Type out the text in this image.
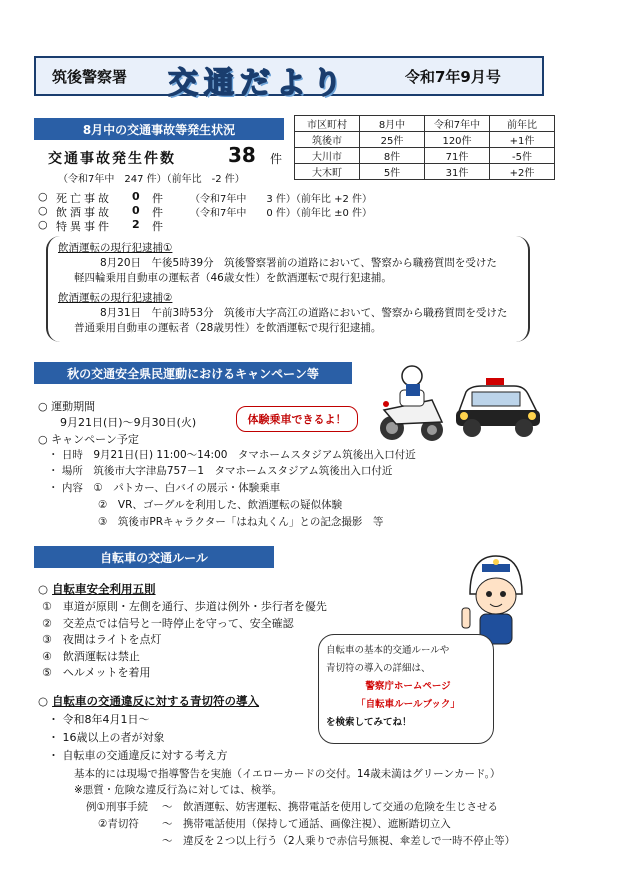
筑後警察署 交通だより	令和7年9月号
8月中の交通事故等発生状況	市区町村	8月中	令和7年中	前年比
筑後市	25件	120件	+1件
大川市	8件	71件	-5件
大木町	5件	31件	+2件
交通事故発生件数	38 件
（令和7年中　247 件）（前年比　-2 件）
○ 死亡事故	0	件	（令和7年中　　3 件）（前年比 +2 件）
○ 飲酒事故	0	件	（令和7年中　　0 件）（前年比 ±0 件）
○ 特異事件	2	件
飲酒運転の現行犯逮捕①
8月20日　午後5時39分　筑後警察署前の道路において、警察から職務質問を受けた
軽四輪乗用自動車の運転者（46歳女性）を飲酒運転で現行犯逮捕。
飲酒運転の現行犯逮捕②
8月31日　午前3時53分　筑後市大字高江の道路において、警察から職務質問を受けた
普通乗用自動車の運転者（28歳男性）を飲酒運転で現行犯逮捕。
秋の交通安全県民運動におけるキャンペーン等
○ 運動期間
9月21日(日)～9月30日(火)	体験乗車できるよ！
○ キャンペーン予定
・ 日時　9月21日(日) 11:00～14:00　タマホームスタジアム筑後出入口付近
・ 場所　筑後市大字津島757－1　タマホームスタジアム筑後出入口付近
・ 内容　①　パトカー、白バイの展示・体験乗車
②　VR、ゴーグルを利用した、飲酒運転の疑似体験
③　筑後市PRキャラクター「はね丸くん」との記念撮影　等
自転車の交通ルール
○ 自転車安全利用五則
①　 車道が原則・左側を通行、歩道は例外・歩行者を優先
②　 交差点では信号と一時停止を守って、安全確認
③　 夜間はライトを点灯
④　 飲酒運転は禁止
⑤　 ヘルメットを着用
自転車の基本的交通ルールや
青切符の導入の詳細は、
警察庁ホームページ
「自転車ルールブック」
を検索してみてね！
○ 自転車の交通違反に対する青切符の導入
・ 令和8年4月1日～
・ 16歳以上の者が対象
・ 自転車の交通違反に対する考え方
基本的には現場で指導警告を実施（イエローカードの交付。14歳未満はグリーンカード。）
※悪質・危険な違反行為に対しては、検挙。
例①刑事手続	～　飲酒運転、妨害運転、携帯電話を使用して交通の危険を生じさせる
②青切符	～　携帯電話使用（保持して通話、画像注視）、遮断踏切立入
～　違反を２つ以上行う（2人乗りで赤信号無視、傘差しで一時不停止等）
